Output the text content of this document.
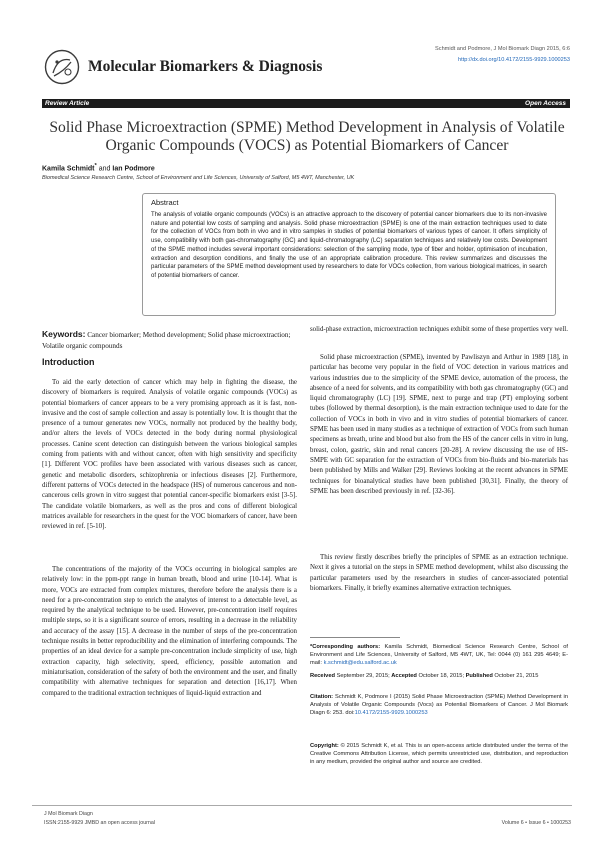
Molecular Biomarkers & Diagnosis
Schmidt and Podmore, J Mol Biomark Diagn 2015, 6:6
http://dx.doi.org/10.4172/2155-9929.1000253
Review Article	Open Access
Solid Phase Microextraction (SPME) Method Development in Analysis of Volatile Organic Compounds (VOCS) as Potential Biomarkers of Cancer
Kamila Schmidt* and Ian Podmore
Biomedical Science Research Centre, School of Environment and Life Sciences, University of Salford, M5 4WT, Manchester, UK
Abstract
The analysis of volatile organic compounds (VOCs) is an attractive approach to the discovery of potential cancer biomarkers due to its non-invasive nature and potential low costs of sampling and analysis. Solid phase microextraction (SPME) is one of the main extraction techniques used to date for the collection of VOCs from both in vivo and in vitro samples in studies of potential biomarkers of various types of cancer. It offers simplicity of use, compatibility with both gas-chromatography (GC) and liquid-chromatography (LC) separation techniques and relatively low costs. Development of the SPME method includes several important considerations: selection of the sampling mode, type of fiber and holder, optimisation of incubation, extraction and desorption conditions, and finally the use of an appropriate calibration procedure. This review summarizes and discusses the particular parameters of the SPME method development used by researchers to date for VOCs collection, from various biological matrices, in search of potential biomarkers of cancer.
Keywords: Cancer biomarker; Method development; Solid phase microextraction; Volatile organic compounds
Introduction

To aid the early detection of cancer which may help in fighting the disease, the discovery of biomarkers is required. Analysis of volatile organic compounds (VOCs) as potential biomarkers of cancer appears to be a very promising approach as it is fast, non-invasive and the cost of sample collection and assay is potentially low. It is thought that the presence of a tumour generates new VOCs, normally not produced by the healthy body, and/or alters the levels of VOCs detected in the body during normal physiological processes. Canine scent detection can distinguish between the various biological samples coming from patients with and without cancer, often with high sensitivity and specificity [1]. Different VOC profiles have been associated with various diseases such as cancer, genetic and metabolic disorders, schizophrenia or infectious diseases [2]. Furthermore, different patterns of VOCs detected in the headspace (HS) of numerous cancerous and non-cancerous cells grown in vitro suggest that potential cancer-specific biomarkers exist [3-5]. The candidate volatile biomarkers, as well as the pros and cons of different biological matrices available for researchers in the quest for the VOC biomarkers of cancer, have been reviewed in ref. [5-10].

The concentrations of the majority of the VOCs occurring in biological samples are relatively low: in the ppm-ppt range in human breath, blood and urine [10-14]. What is more, VOCs are extracted from complex mixtures, therefore before the analysis there is a need for a pre-concentration step to enrich the analytes of interest to a detectable level, as required by the analytical technique to be used. However, pre-concentration itself requires multiple steps, so it is a significant source of errors, resulting in a decrease in the reliability and accuracy of the assay [15]. A decrease in the number of steps of the pre-concentration technique results in better reproducibility and the elimination of interfering compounds. The properties of an ideal device for a sample pre-concentration include simplicity of use, high extraction capacity, high selectivity, speed, efficiency, possible automation and miniaturisation, consideration of the safety of both the environment and the user, and finally compatibility with alternative techniques for separation and detection [16,17]. When compared to the traditional extraction techniques of liquid-liquid extraction and

solid-phase extraction, microextraction techniques exhibit some of these properties very well.

Solid phase microextraction (SPME), invented by Pawliszyn and Arthur in 1989 [18], in particular has become very popular in the field of VOC detection in various matrices and various industries due to the simplicity of the SPME device, automation of the process, the absence of a need for solvents, and its compatibility with both gas chromatography (GC) and liquid chromatography (LC) [19]. SPME, next to purge and trap (PT) employing sorbent tubes (followed by thermal desorption), is the main extraction technique used to date for the collection of VOCs in both in vivo and in vitro studies of potential biomarkers of cancer. SPME has been used in many studies as a technique of extraction of VOCs from such human specimens as breath, urine and blood but also from the HS of the cancer cells in vitro in lung, breast, colon, gastric, skin and renal cancers [20-28]. A review discussing the use of HS-SMPE with GC separation for the extraction of VOCs from bio-fluids and bio-materials has been published by Mills and Walker [29]. Reviews looking at the recent advances in SPME techniques for bioanalytical studies have been published [30,31]. Finally, the theory of SPME has been described previously in ref. [32-36].

This review firstly describes briefly the principles of SPME as an extraction technique. Next it gives a tutorial on the steps in SPME method development, whilst also discussing the particular parameters used by the researchers in studies of cancer-associated potential biomarkers. Finally, it briefly examines alternative extraction techniques.

*Corresponding authors: Kamila Schmidt, Biomedical Science Research Centre, School of Environment and Life Sciences, University of Salford, M5 4WT, UK, Tel: 0044 (0) 161 295 4649; E-mail: k.schmidt@edu.salford.ac.uk
Received September 29, 2015; Accepted October 18, 2015; Published October 21, 2015
Citation: Schmidt K, Podmore I (2015) Solid Phase Microextraction (SPME) Method Development in Analysis of Volatile Organic Compounds (Vocs) as Potential Biomarkers of Cancer. J Mol Biomark Diagn 6: 253. doi:10.4172/2155-9929.1000253
Copyright: © 2015 Schmidt K, et al. This is an open-access article distributed under the terms of the Creative Commons Attribution License, which permits unrestricted use, distribution, and reproduction in any medium, provided the original author and source are credited.
J Mol Biomark Diagn
ISSN:2155-9929 JMBD an open access journal	Volume 6 • Issue 6 • 1000253
